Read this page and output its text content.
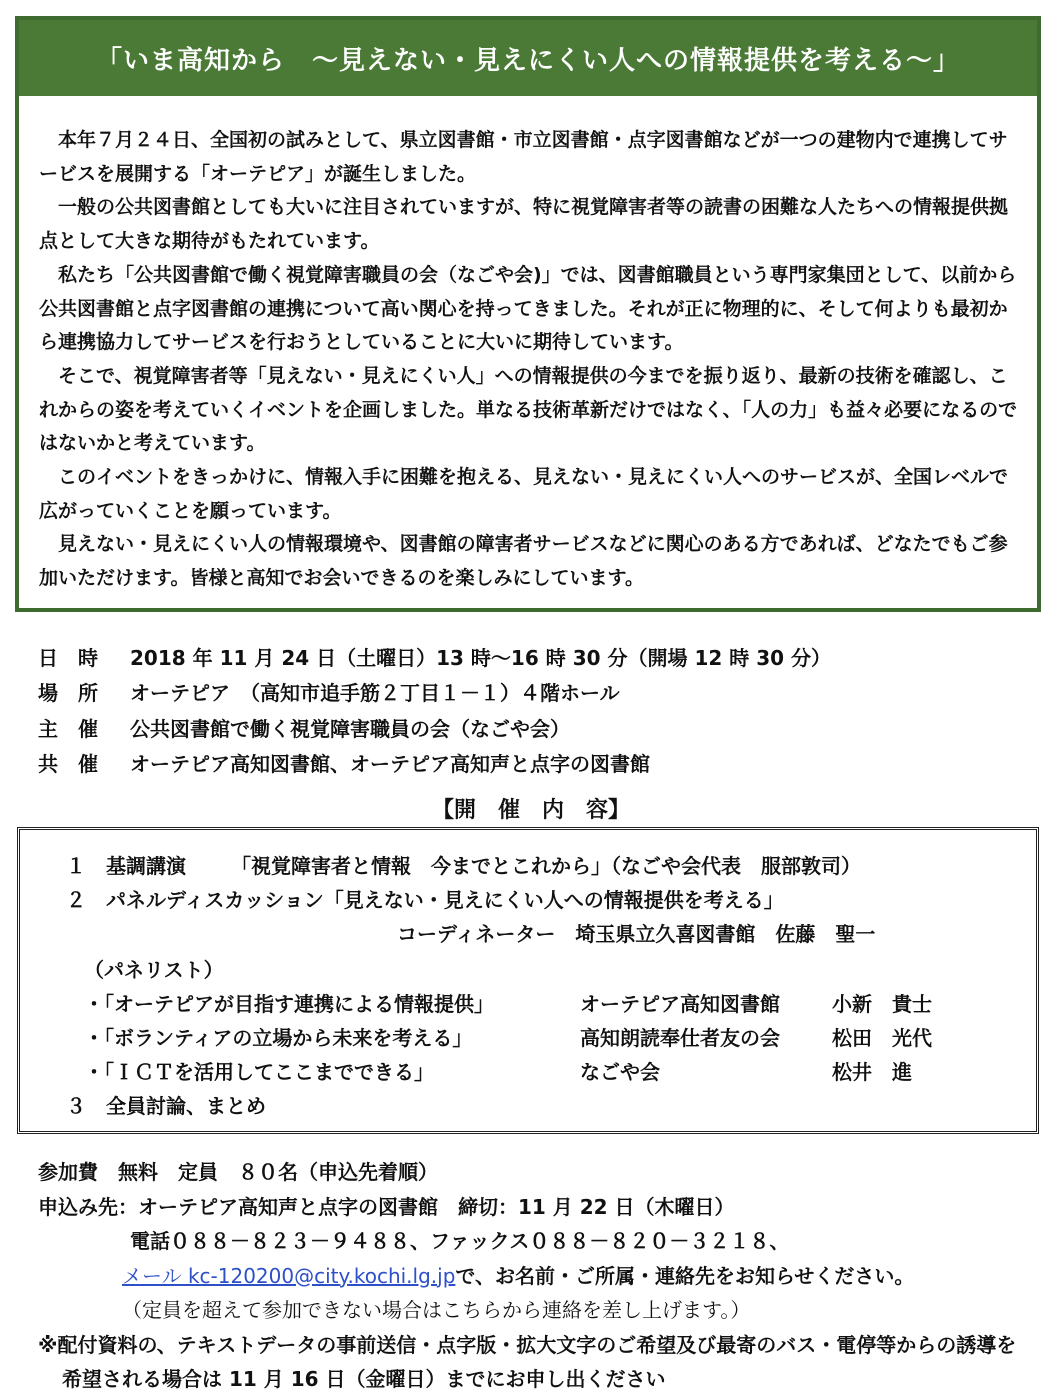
「いま高知から　～見えない・見えにくい人への情報提供を考える～」

本年７月２４日、全国初の試みとして、県立図書館・市立図書館・点字図書館などが一つの建物内で連携してサービスを展開する「オーテピア」が誕生しました。

一般の公共図書館としても大いに注目されていますが、特に視覚障害者等の読書の困難な人たちへの情報提供拠点として大きな期待がもたれています。

私たち「公共図書館で働く視覚障害職員の会（なごや会)」では、図書館職員という専門家集団として、以前から公共図書館と点字図書館の連携について高い関心を持ってきました。それが正に物理的に、そして何よりも最初から連携協力してサービスを行おうとしていることに大いに期待しています。

そこで、視覚障害者等「見えない・見えにくい人」への情報提供の今までを振り返り、最新の技術を確認し、これからの姿を考えていくイベントを企画しました。単なる技術革新だけではなく、「人の力」も益々必要になるのではないかと考えています。

このイベントをきっかけに、情報入手に困難を抱える、見えない・見えにくい人へのサービスが、全国レベルで広がっていくことを願っています。

見えない・見えにくい人の情報環境や、図書館の障害者サービスなどに関心のある方であれば、どなたでもご参加いただけます。皆様と高知でお会いできるのを楽しみにしています。

日　時	2018 年 11 月 24 日（土曜日）13 時～16 時 30 分（開場 12 時 30 分）
場　所	オーテピア　（高知市追手筋２丁目１－１）４階ホール
主　催	公共図書館で働く視覚障害職員の会（なごや会）
共　催	オーテピア高知図書館、オーテピア高知声と点字の図書館
【開　催　内　容】
１ 基調講演 「視覚障害者と情報　今までとこれから」（なごや会代表　服部敦司）
２ パネルディスカッション「見えない・見えにくい人への情報提供を考える」
コーディネーター　埼玉県立久喜図書館　佐藤　聖一
（パネリスト）
・「オーテピアが目指す連携による情報提供」	オーテピア高知図書館	小新　貴士
・「ボランティアの立場から未来を考える」	高知朗読奉仕者友の会	松田　光代
・「ＩＣＴを活用してここまでできる」	なごや会	松井　進
３ 全員討論、まとめ
参加費　無料　定員　８０名（申込先着順）
申込み先：オーテピア高知声と点字の図書館　締切：11 月 22 日（木曜日）
電話０８８－８２３－９４８８、ファックス０８８－８２０－３２１８、
メール kc-120200@city.kochi.lg.jpで、お名前・ご所属・連絡先をお知らせください。
（定員を超えて参加できない場合はこちらから連絡を差し上げます。）
※配付資料の、テキストデータの事前送信・点字版・拡大文字のご希望及び最寄のバス・電停等からの誘導を
希望される場合は 11 月 16 日（金曜日）までにお申し出ください
